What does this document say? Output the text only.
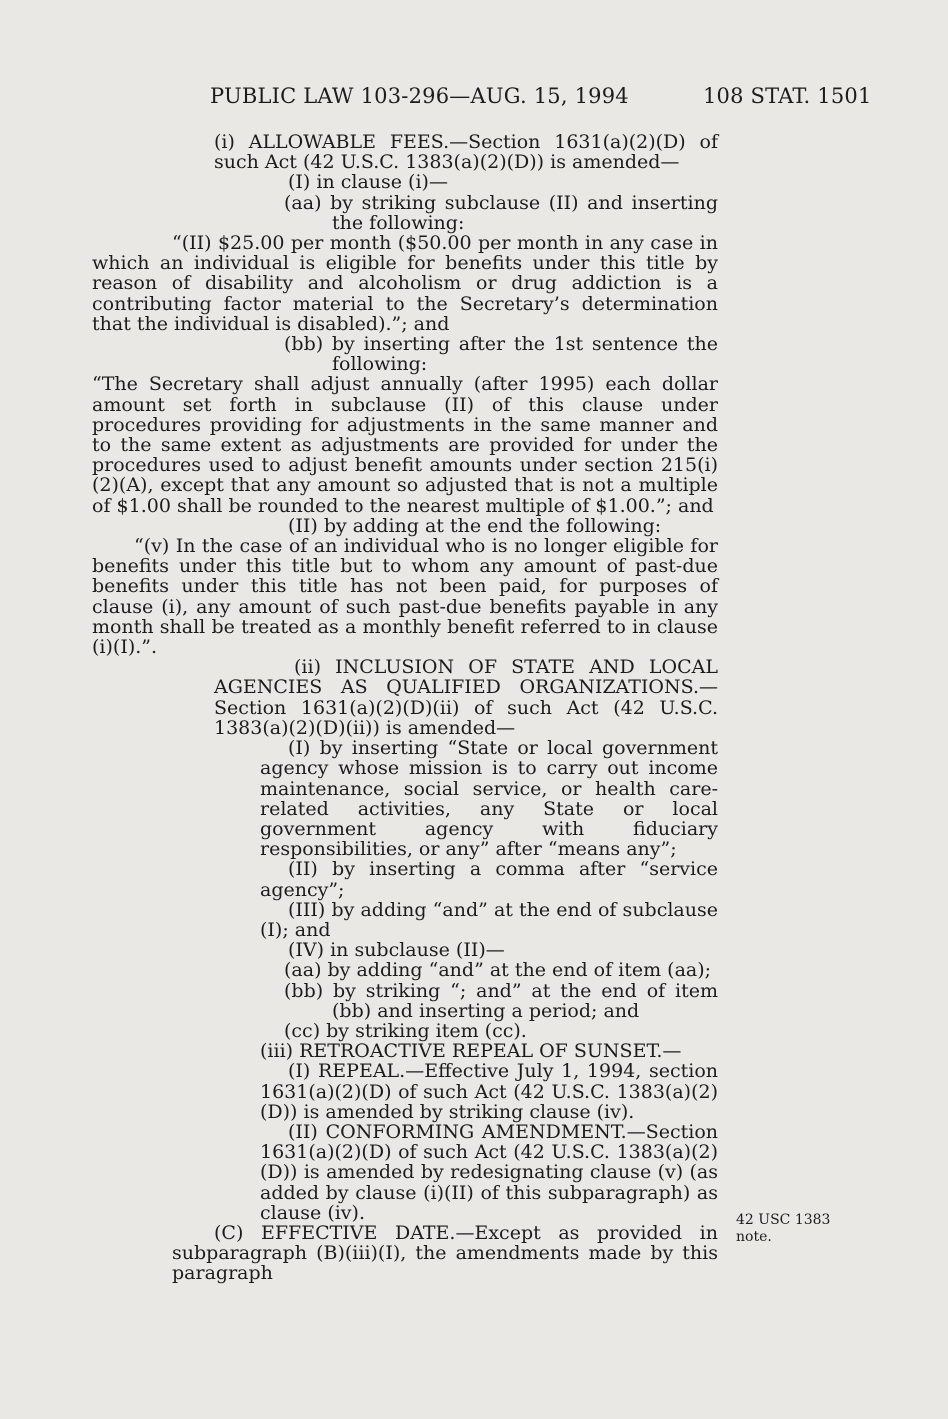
PUBLIC LAW 103-296—AUG. 15, 1994	108 STAT. 1501

(i) ALLOWABLE FEES.—Section 1631(a)(2)(D) of such Act (42 U.S.C. 1383(a)(2)(D)) is amended—

(I) in clause (i)—

(aa) by striking subclause (II) and inserting the following:

“(II) $25.00 per month ($50.00 per month in any case in which an individual is eligible for benefits under this title by reason of disability and alcoholism or drug addiction is a contributing factor material to the Secretary’s determination that the individual is disabled).”; and

(bb) by inserting after the 1st sentence the following:

“The Secretary shall adjust annually (after 1995) each dollar amount set forth in subclause (II) of this clause under procedures providing for adjustments in the same manner and to the same extent as adjustments are provided for under the procedures used to adjust benefit amounts under section 215(i)(2)(A), except that any amount so adjusted that is not a multiple of $1.00 shall be rounded to the nearest multiple of $1.00.”; and

(II) by adding at the end the following:

“(v) In the case of an individual who is no longer eligible for benefits under this title but to whom any amount of past-due benefits under this title has not been paid, for purposes of clause (i), any amount of such past-due benefits payable in any month shall be treated as a monthly benefit referred to in clause (i)(I).”.

(ii) INCLUSION OF STATE AND LOCAL AGENCIES AS QUALIFIED ORGANIZATIONS.—Section 1631(a)(2)(D)(ii) of such Act (42 U.S.C. 1383(a)(2)(D)(ii)) is amended—

(I) by inserting “State or local government agency whose mission is to carry out income maintenance, social service, or health care-related activities, any State or local government agency with fiduciary responsibilities, or any” after “means any”;

(II) by inserting a comma after “service agency”;

(III) by adding “and” at the end of subclause (I); and

(IV) in subclause (II)—

(aa) by adding “and” at the end of item (aa);

(bb) by striking “; and” at the end of item (bb) and inserting a period; and

(cc) by striking item (cc).

(iii) RETROACTIVE REPEAL OF SUNSET.—

(I) REPEAL.—Effective July 1, 1994, section 1631(a)(2)(D) of such Act (42 U.S.C. 1383(a)(2)(D)) is amended by striking clause (iv).

(II) CONFORMING AMENDMENT.—Section 1631(a)(2)(D) of such Act (42 U.S.C. 1383(a)(2)(D)) is amended by redesignating clause (v) (as added by clause (i)(II) of this subparagraph) as clause (iv).

(C) EFFECTIVE DATE.—Except as provided in subparagraph (B)(iii)(I), the amendments made by this paragraph

42 USC 1383 note.
